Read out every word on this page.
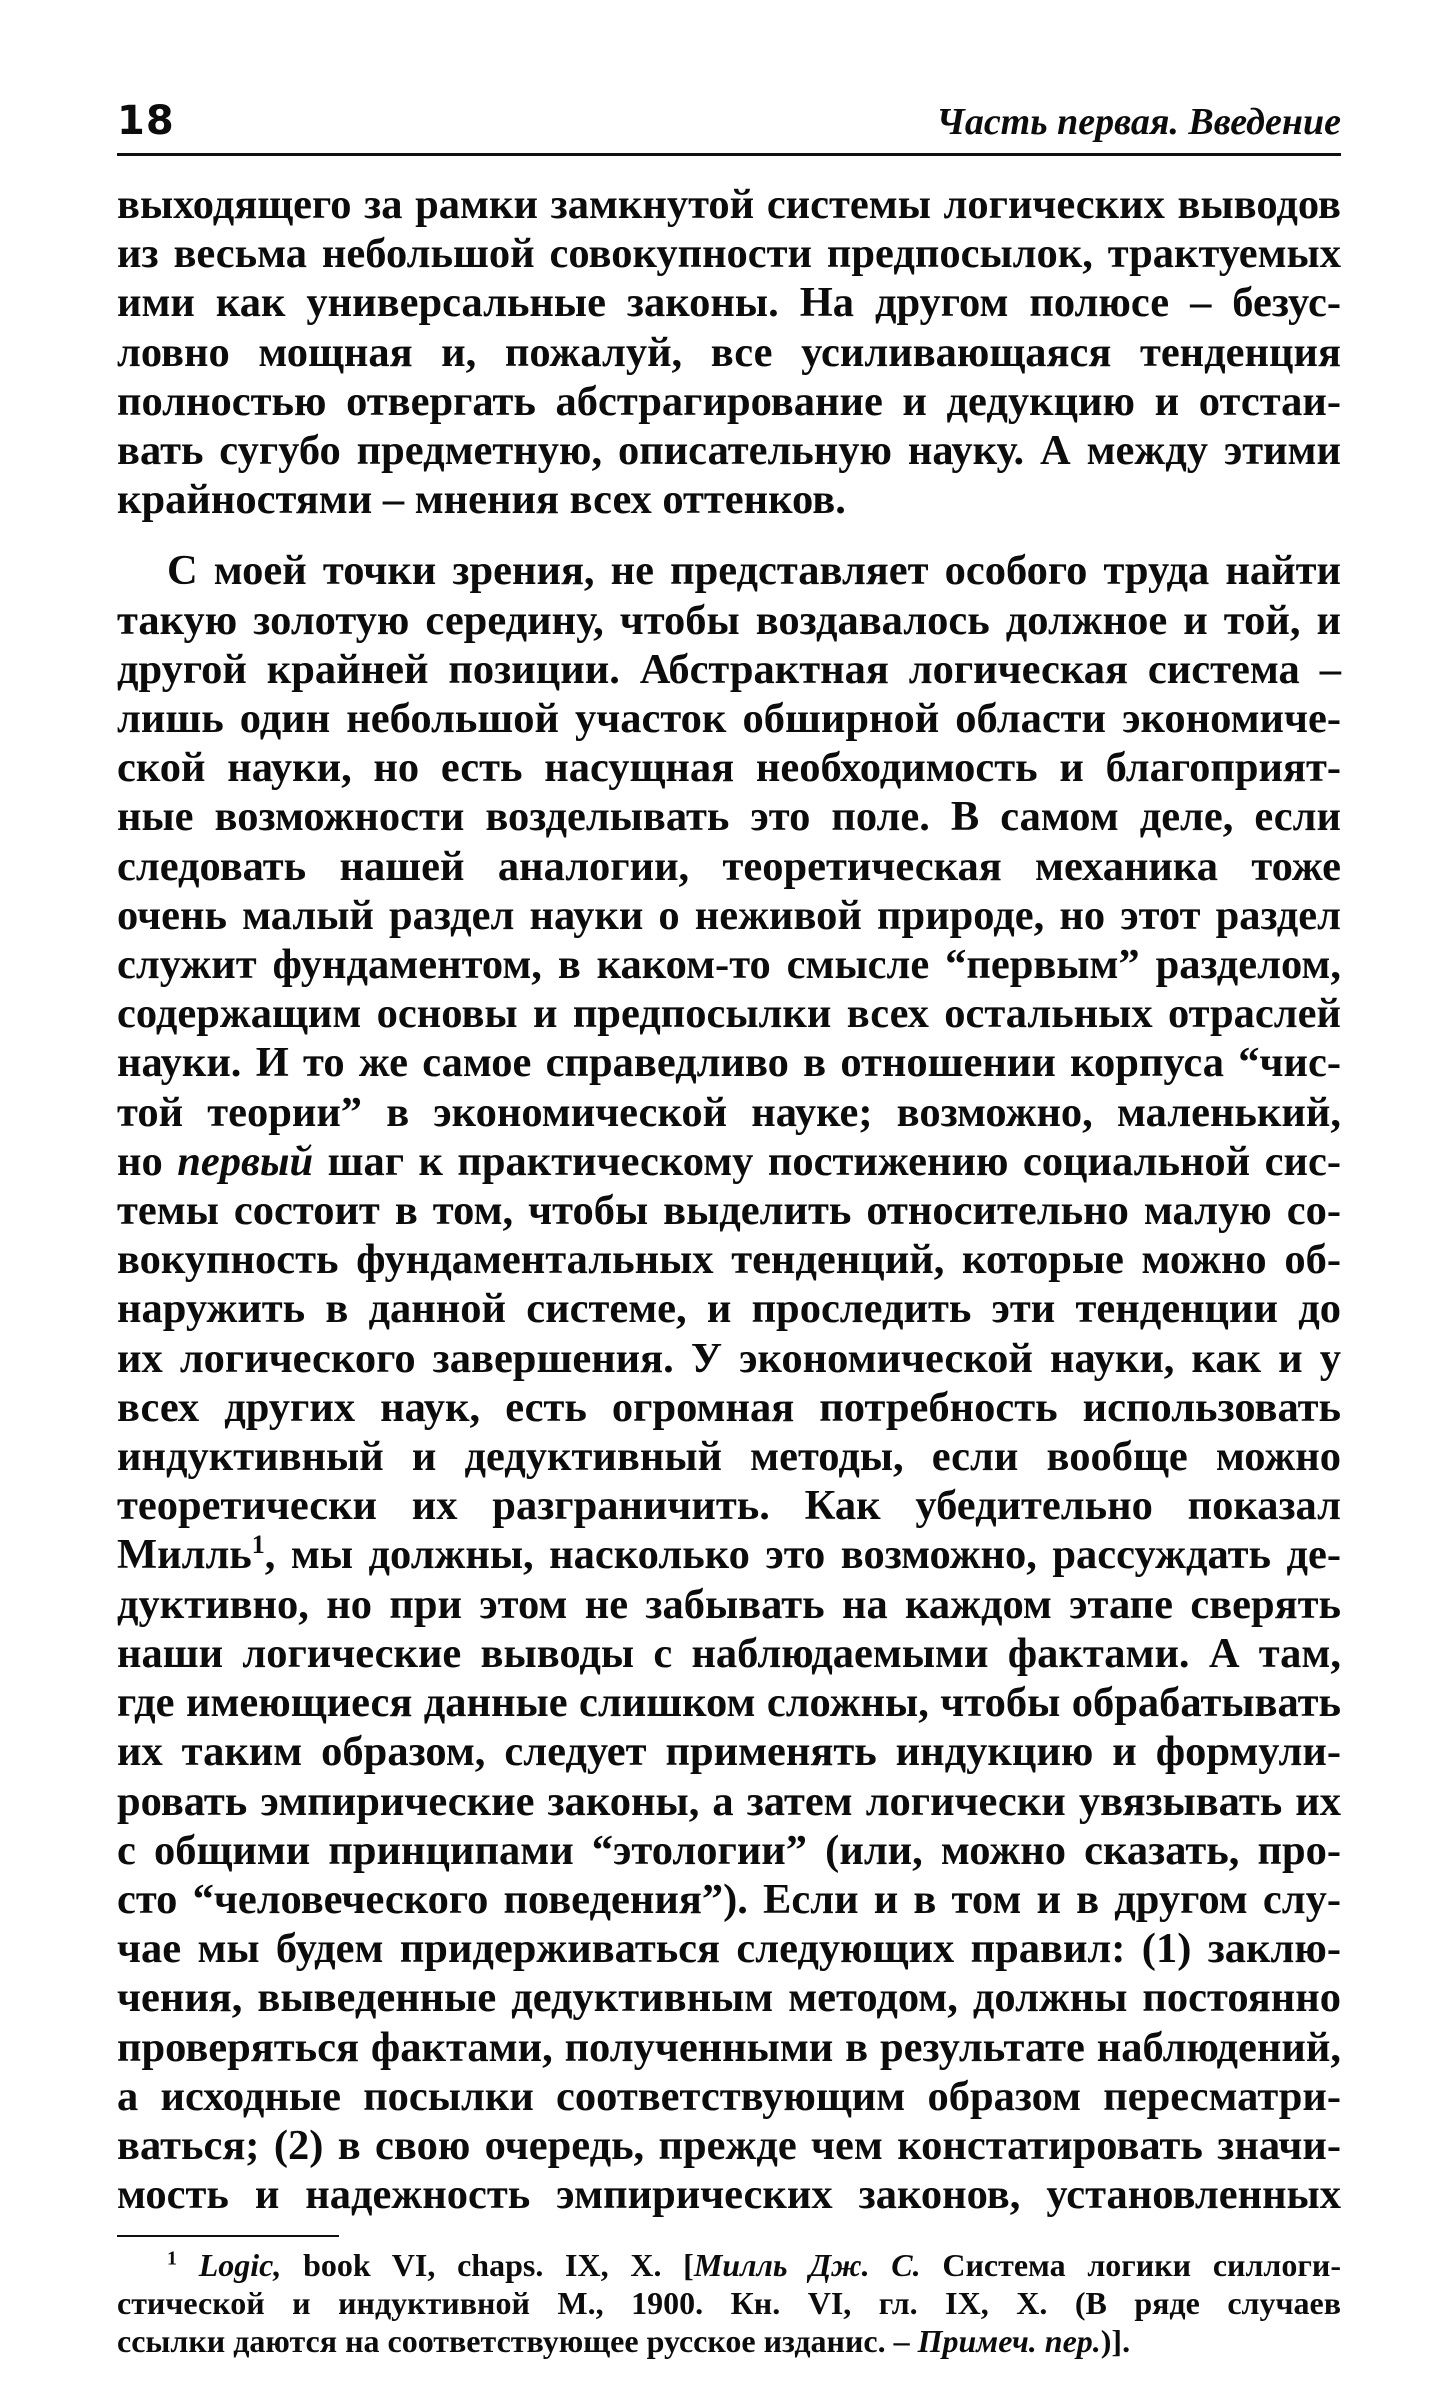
18	Часть первая. Введение
выходящего за рамки замкнутой системы логических выводов
из весьма небольшой совокупности предпосылок, трактуемых
ими как универсальные законы. На другом полюсе – безус-
ловно мощная и, пожалуй, все усиливающаяся тенденция
полностью отвергать абстрагирование и дедукцию и отстаи-
вать сугубо предметную, описательную науку. А между этими
крайностями – мнения всех оттенков.
С моей точки зрения, не представляет особого труда найти
такую золотую середину, чтобы воздавалось должное и той, и
другой крайней позиции. Абстрактная логическая система –
лишь один небольшой участок обширной области экономиче-
ской науки, но есть насущная необходимость и благоприят-
ные возможности возделывать это поле. В самом деле, если
следовать нашей аналогии, теоретическая механика тоже
очень малый раздел науки о неживой природе, но этот раздел
служит фундаментом, в каком-то смысле “первым” разделом,
содержащим основы и предпосылки всех остальных отраслей
науки. И то же самое справедливо в отношении корпуса “чис-
той теории” в экономической науке; возможно, маленький,
но первый шаг к практическому постижению социальной сис-
темы состоит в том, чтобы выделить относительно малую со-
вокупность фундаментальных тенденций, которые можно об-
наружить в данной системе, и проследить эти тенденции до
их логического завершения. У экономической науки, как и у
всех других наук, есть огромная потребность использовать
индуктивный и дедуктивный методы, если вообще можно
теоретически их разграничить. Как убедительно показал
Милль$^1$, мы должны, насколько это возможно, рассуждать де-
дуктивно, но при этом не забывать на каждом этапе сверять
наши логические выводы с наблюдаемыми фактами. А там,
где имеющиеся данные слишком сложны, чтобы обрабатывать
их таким образом, следует применять индукцию и формули-
ровать эмпирические законы, а затем логически увязывать их
с общими принципами “этологии” (или, можно сказать, про-
сто “человеческого поведения”). Если и в том и в другом слу-
чае мы будем придерживаться следующих правил: (1) заклю-
чения, выведенные дедуктивным методом, должны постоянно
проверяться фактами, полученными в результате наблюдений,
а исходные посылки соответствующим образом пересматри-
ваться; (2) в свою очередь, прежде чем констатировать значи-
мость и надежность эмпирических законов, установленных
$^1$ Logic, book VI, chaps. IX, X. [Милль Дж. С. Система логики силлоги-
стической и индуктивной М., 1900. Кн. VI, гл. IX, X. (В ряде случаев
ссылки даются на соответствующее русское изданис. – Примеч. пер.)].
